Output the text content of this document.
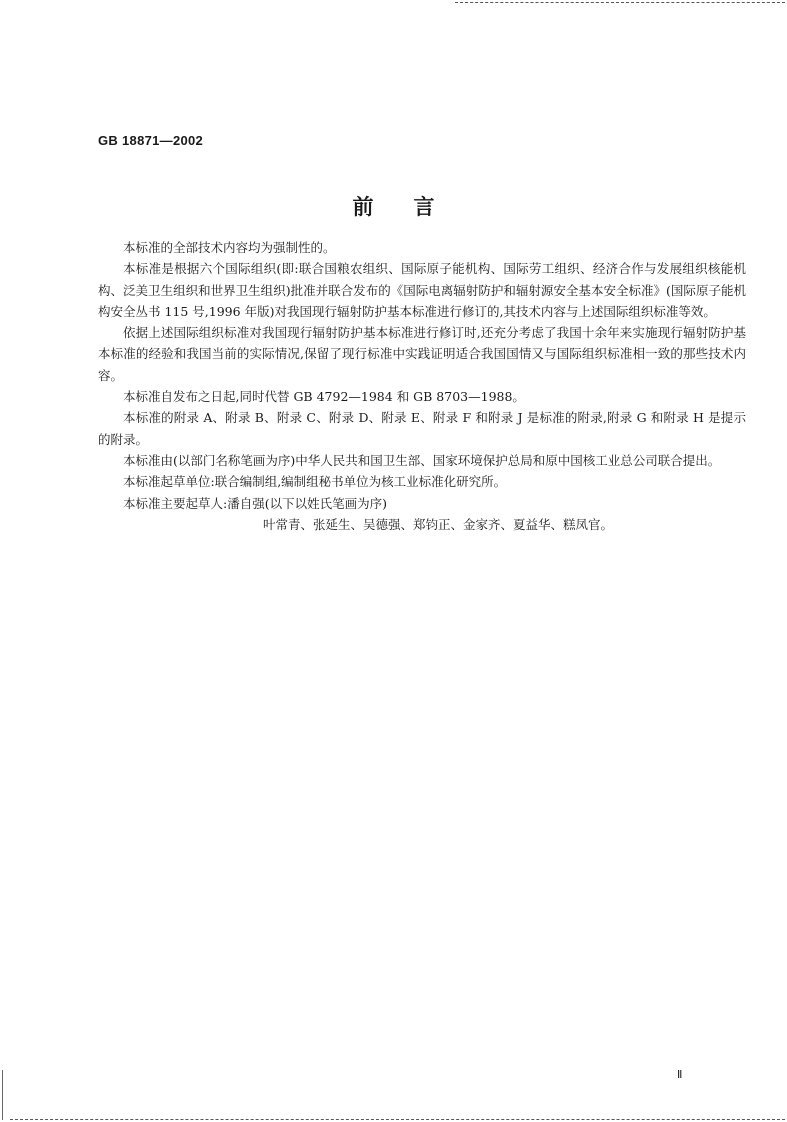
GB 18871—2002
前言

本标准的全部技术内容均为强制性的。

本标准是根据六个国际组织(即:联合国粮农组织、国际原子能机构、国际劳工组织、经济合作与发展组织核能机构、泛美卫生组织和世界卫生组织)批准并联合发布的《国际电离辐射防护和辐射源安全基本安全标准》(国际原子能机构安全丛书 115 号,1996 年版)对我国现行辐射防护基本标准进行修订的,其技术内容与上述国际组织标准等效。

依据上述国际组织标准对我国现行辐射防护基本标准进行修订时,还充分考虑了我国十余年来实施现行辐射防护基本标准的经验和我国当前的实际情况,保留了现行标准中实践证明适合我国国情又与国际组织标准相一致的那些技术内容。

本标准自发布之日起,同时代替 GB 4792—1984 和 GB 8703—1988。

本标准的附录 A、附录 B、附录 C、附录 D、附录 E、附录 F 和附录 J 是标准的附录,附录 G 和附录 H 是提示的附录。

本标准由(以部门名称笔画为序)中华人民共和国卫生部、国家环境保护总局和原中国核工业总公司联合提出。

本标准起草单位:联合编制组,编制组秘书单位为核工业标准化研究所。

本标准主要起草人:潘自强(以下以姓氏笔画为序)

叶常青、张延生、吴德强、郑钧正、金家齐、夏益华、糕凤官。

Ⅱ
